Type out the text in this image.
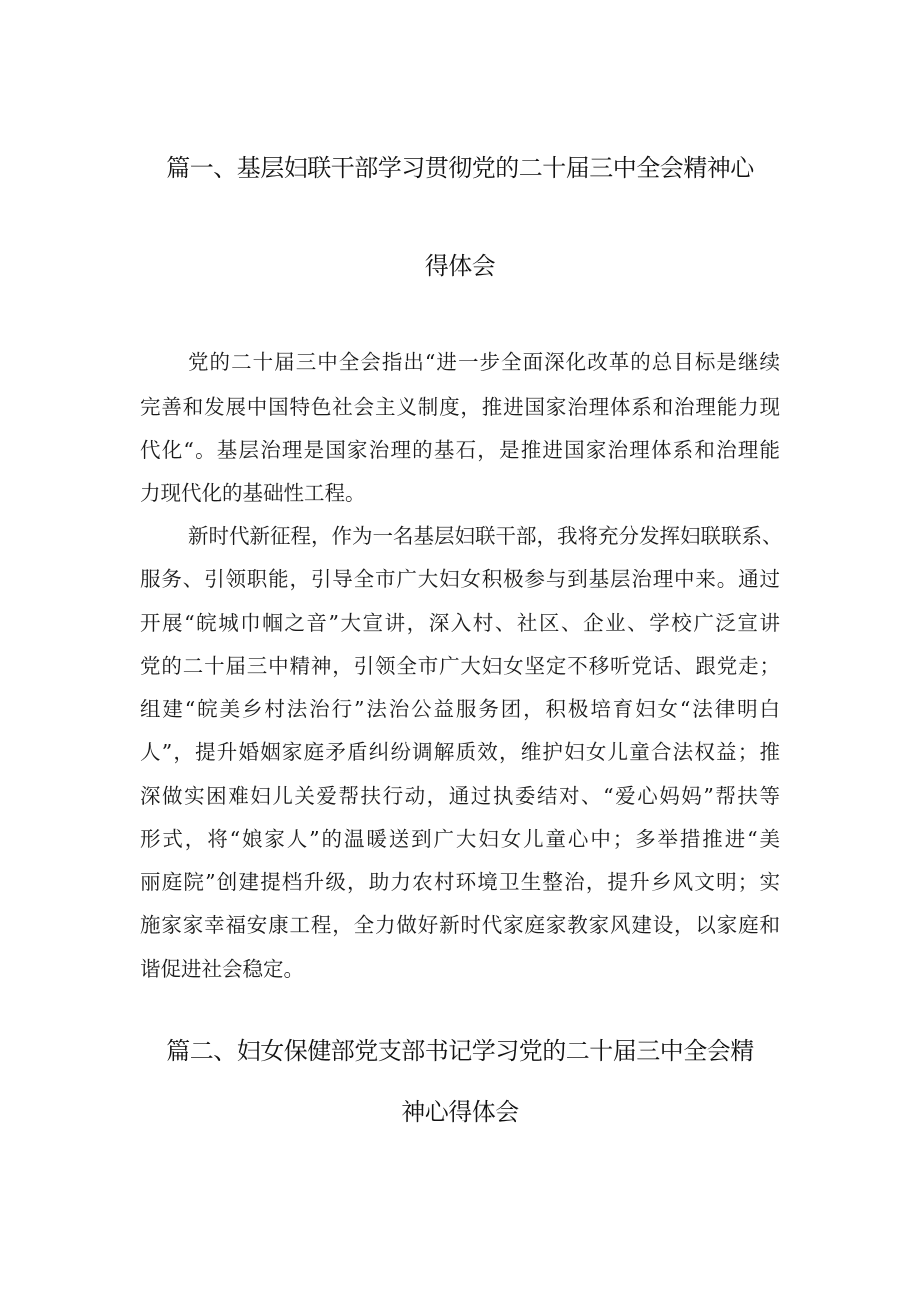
篇一、基层妇联干部学习贯彻党的二十届三中全会精神心
得体会
党的二十届三中全会指出“进一步全面深化改革的总目标是继续
完善和发展中国特色社会主义制度，推进国家治理体系和治理能力现
代化“。基层治理是国家治理的基石，是推进国家治理体系和治理能
力现代化的基础性工程。
新时代新征程，作为一名基层妇联干部，我将充分发挥妇联联系、
服务、引领职能，引导全市广大妇女积极参与到基层治理中来。通过
开展“皖城巾帼之音”大宣讲，深入村、社区、企业、学校广泛宣讲
党的二十届三中精神，引领全市广大妇女坚定不移听党话、跟党走；
组建“皖美乡村法治行”法治公益服务团，积极培育妇女“法律明白
人”，提升婚姻家庭矛盾纠纷调解质效，维护妇女儿童合法权益；推
深做实困难妇儿关爱帮扶行动，通过执委结对、“爱心妈妈”帮扶等
形式，将“娘家人”的温暖送到广大妇女儿童心中；多举措推进“美
丽庭院”创建提档升级，助力农村环境卫生整治，提升乡风文明；实
施家家幸福安康工程，全力做好新时代家庭家教家风建设，以家庭和
谐促进社会稳定。
篇二、妇女保健部党支部书记学习党的二十届三中全会精
神心得体会
